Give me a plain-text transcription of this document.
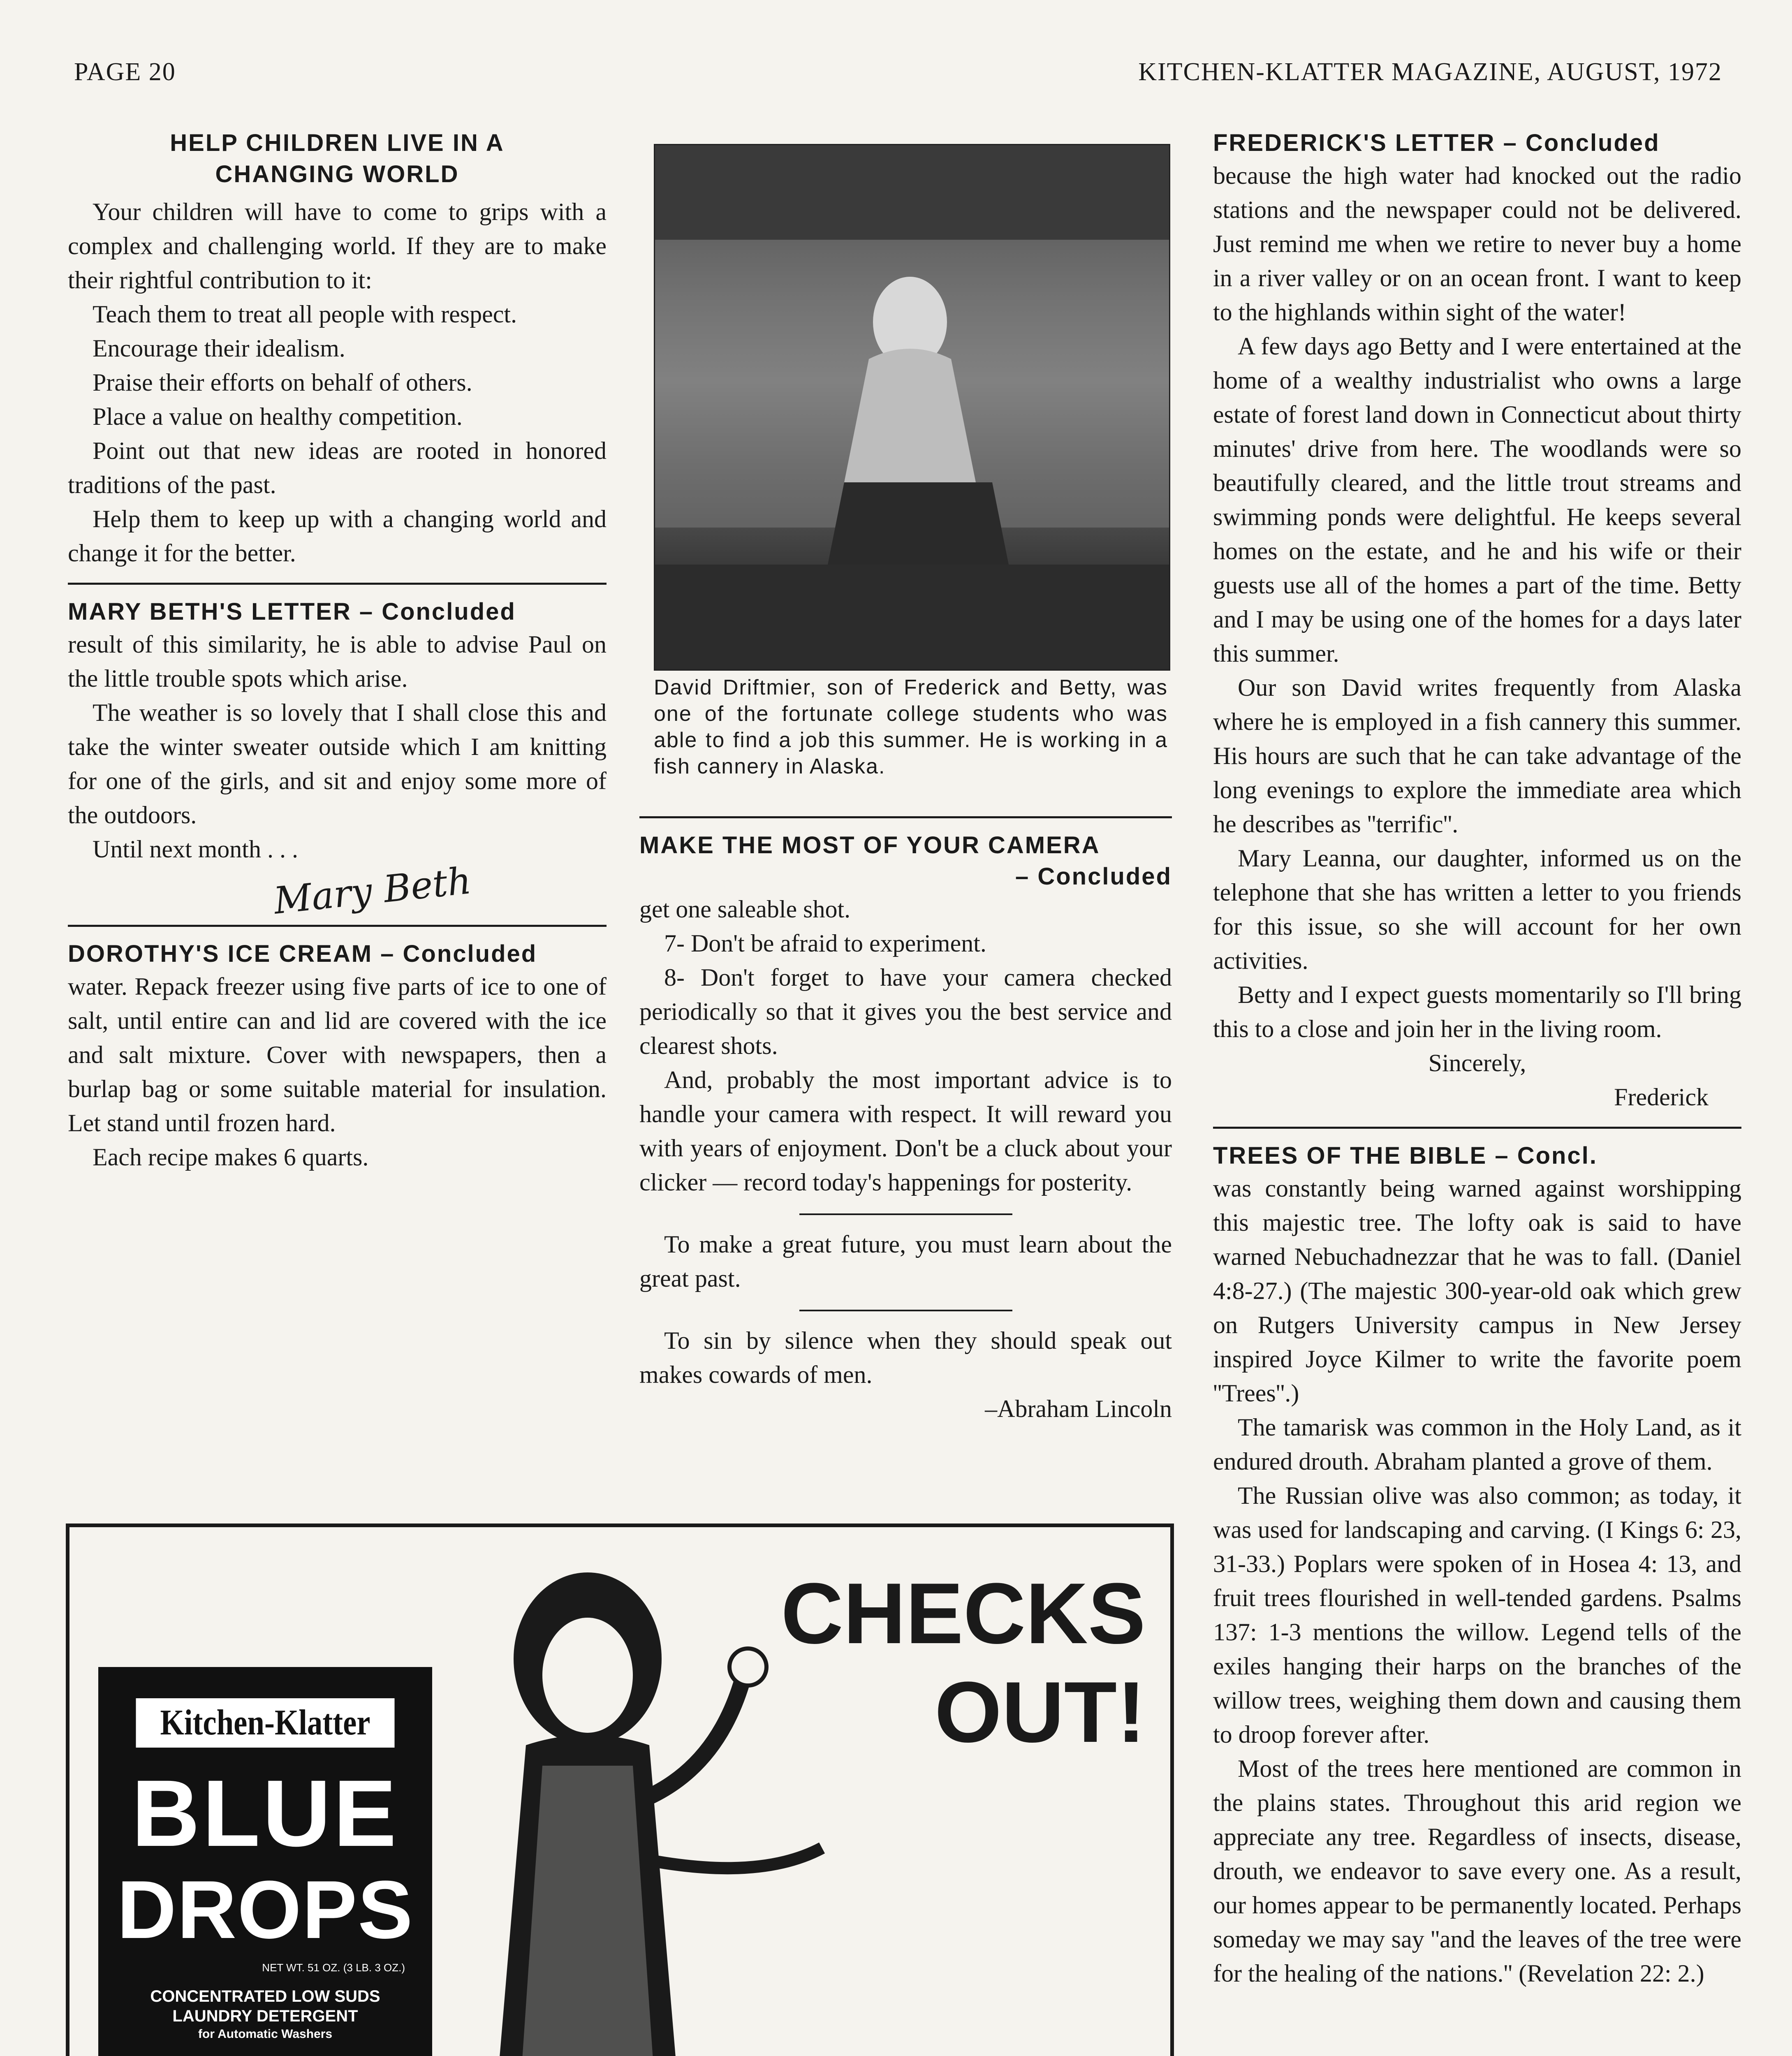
PAGE 20	KITCHEN-KLATTER MAGAZINE, AUGUST, 1972
HELP CHILDREN LIVE IN A
CHANGING WORLD

Your children will have to come to grips with a complex and challenging world. If they are to make their rightful contribution to it:

Teach them to treat all people with respect.

Encourage their idealism.

Praise their efforts on behalf of others.

Place a value on healthy competition.

Point out that new ideas are rooted in honored traditions of the past.

Help them to keep up with a changing world and change it for the better.

MARY BETH'S LETTER – Concluded

result of this similarity, he is able to advise Paul on the little trouble spots which arise.

The weather is so lovely that I shall close this and take the winter sweater outside which I am knitting for one of the girls, and sit and enjoy some more of the outdoors.

Until next month . . .

Mary Beth
DOROTHY'S ICE CREAM – Concluded

water. Repack freezer using five parts of ice to one of salt, until entire can and lid are covered with the ice and salt mixture. Cover with newspapers, then a burlap bag or some suitable material for insulation. Let stand until frozen hard.

Each recipe makes 6 quarts.

David Driftmier, son of Frederick and Betty, was one of the fortunate college students who was able to find a job this summer. He is working in a fish cannery in Alaska.
MAKE THE MOST OF YOUR CAMERA
– Concluded

get one saleable shot.

7- Don't be afraid to experiment.

8- Don't forget to have your camera checked periodically so that it gives you the best service and clearest shots.

And, probably the most important advice is to handle your camera with respect. It will reward you with years of enjoyment. Don't be a cluck about your clicker — record today's happenings for posterity.

To make a great future, you must learn about the great past.

To sin by silence when they should speak out makes cowards of men.

–Abraham Lincoln
FREDERICK'S LETTER – Concluded

because the high water had knocked out the radio stations and the newspaper could not be delivered. Just remind me when we retire to never buy a home in a river valley or on an ocean front. I want to keep to the highlands within sight of the water!

A few days ago Betty and I were entertained at the home of a wealthy industrialist who owns a large estate of forest land down in Connecticut about thirty minutes' drive from here. The woodlands were so beautifully cleared, and the little trout streams and swimming ponds were delightful. He keeps several homes on the estate, and he and his wife or their guests use all of the homes a part of the time. Betty and I may be using one of the homes for a days later this summer.

Our son David writes frequently from Alaska where he is employed in a fish cannery this summer. His hours are such that he can take advantage of the long evenings to explore the immediate area which he describes as ''terrific''.

Mary Leanna, our daughter, informed us on the telephone that she has written a letter to you friends for this issue, so she will account for her own activities.

Betty and I expect guests momentarily so I'll bring this to a close and join her in the living room.

Sincerely,
Frederick
TREES OF THE BIBLE – Concl.

was constantly being warned against worshipping this majestic tree. The lofty oak is said to have warned Nebuchadnezzar that he was to fall. (Daniel 4:8-27.) (The majestic 300-year-old oak which grew on Rutgers University campus in New Jersey inspired Joyce Kilmer to write the favorite poem ''Trees''.)

The tamarisk was common in the Holy Land, as it endured drouth. Abraham planted a grove of them.

The Russian olive was also common; as today, it was used for landscaping and carving. (I Kings 6: 23, 31-33.) Poplars were spoken of in Hosea 4: 13, and fruit trees flourished in well-tended gardens. Psalms 137: 1-3 mentions the willow. Legend tells of the exiles hanging their harps on the branches of the willow trees, weighing them down and causing them to droop forever after.

Most of the trees here mentioned are common in the plains states. Throughout this arid region we appreciate any tree. Regardless of insects, disease, drouth, we endeavor to save every one. As a result, our homes appear to be permanently located. Perhaps someday we may say ''and the leaves of the tree were for the healing of the nations.'' (Revelation 22: 2.)

CHECKS
OUT!
Kitchen-Klatter
BLUE
DROPS
NET WT. 51 OZ. (3 LB. 3 OZ.)
CONCENTRATED LOW SUDS
LAUNDRY DETERGENT
for Automatic Washers
